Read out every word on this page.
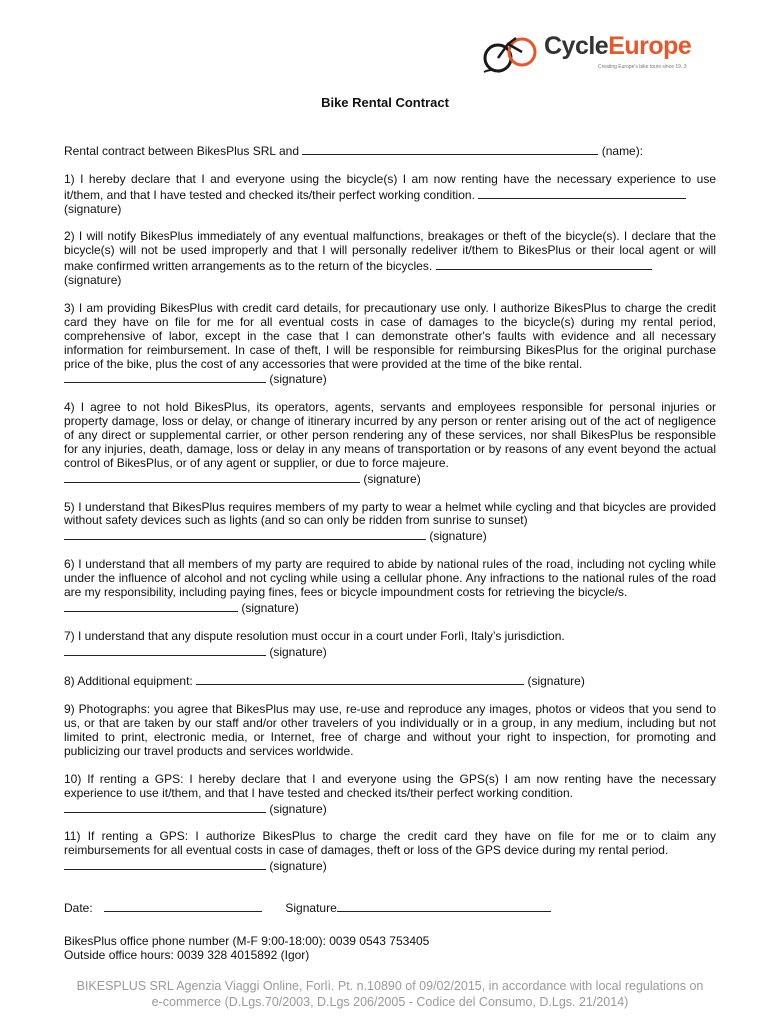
CycleEurope
Creating Europe's bike tours since 19..3
Bike Rental Contract

Rental contract between BikesPlus SRL and	(name):

1) I hereby declare that I and everyone using the bicycle(s) I am now renting have the necessary experience to use it/them, and that I have tested and checked its/their perfect working condition.
(signature)

2) I will notify BikesPlus immediately of any eventual malfunctions, breakages or theft of the bicycle(s). I declare that the bicycle(s) will not be used improperly and that I will personally redeliver it/them to BikesPlus or their local agent or will make confirmed written arrangements as to the return of the bicycles.
(signature)

3) I am providing BikesPlus with credit card details, for precautionary use only. I authorize BikesPlus to charge the credit card they have on file for me for all eventual costs in case of damages to the bicycle(s) during my rental period, comprehensive of labor, except in the case that I can demonstrate other's faults with evidence and all necessary information for reimbursement. In case of theft, I will be responsible for reimbursing BikesPlus for the original purchase price of the bike, plus the cost of any accessories that were provided at the time of the bike rental.
(signature)

4) I agree to not hold BikesPlus, its operators, agents, servants and employees responsible for personal injuries or property damage, loss or delay, or change of itinerary incurred by any person or renter arising out of the act of negligence of any direct or supplemental carrier, or other person rendering any of these services, nor shall BikesPlus be responsible for any injuries, death, damage, loss or delay in any means of transportation or by reasons of any event beyond the actual control of BikesPlus, or of any agent or supplier, or due to force majeure.
(signature)

5) I understand that BikesPlus requires members of my party to wear a helmet while cycling and that bicycles are provided without safety devices such as lights (and so can only be ridden from sunrise to sunset)
(signature)

6) I understand that all members of my party are required to abide by national rules of the road, including not cycling while under the influence of alcohol and not cycling while using a cellular phone. Any infractions to the national rules of the road are my responsibility, including paying fines, fees or bicycle impoundment costs for retrieving the bicycle/s.
(signature)

7) I understand that any dispute resolution must occur in a court under Forlì, Italy’s jurisdiction.
(signature)

8) Additional equipment:	(signature)

9) Photographs: you agree that BikesPlus may use, re-use and reproduce any images, photos or videos that you send to us, or that are taken by our staff and/or other travelers of you individually or in a group, in any medium, including but not limited to print, electronic media, or Internet, free of charge and without your right to inspection, for promoting and publicizing our travel products and services worldwide.

10) If renting a GPS: I hereby declare that I and everyone using the GPS(s) I am now renting have the necessary experience to use it/them, and that I have tested and checked its/their perfect working condition.
(signature)

11) If renting a GPS: I authorize BikesPlus to charge the credit card they have on file for me or to claim any reimbursements for all eventual costs in case of damages, theft or loss of the GPS device during my rental period.
(signature)

Date:	Signature
BikesPlus office phone number (M-F 9:00-18:00): 0039 0543 753405
Outside office hours: 0039 328 4015892 (Igor)
BIKESPLUS SRL Agenzia Viaggi Online, Forlì. Pt. n.10890 of 09/02/2015, in accordance with local regulations on
e-commerce (D.Lgs.70/2003, D.Lgs 206/2005 - Codice del Consumo, D.Lgs. 21/2014)
